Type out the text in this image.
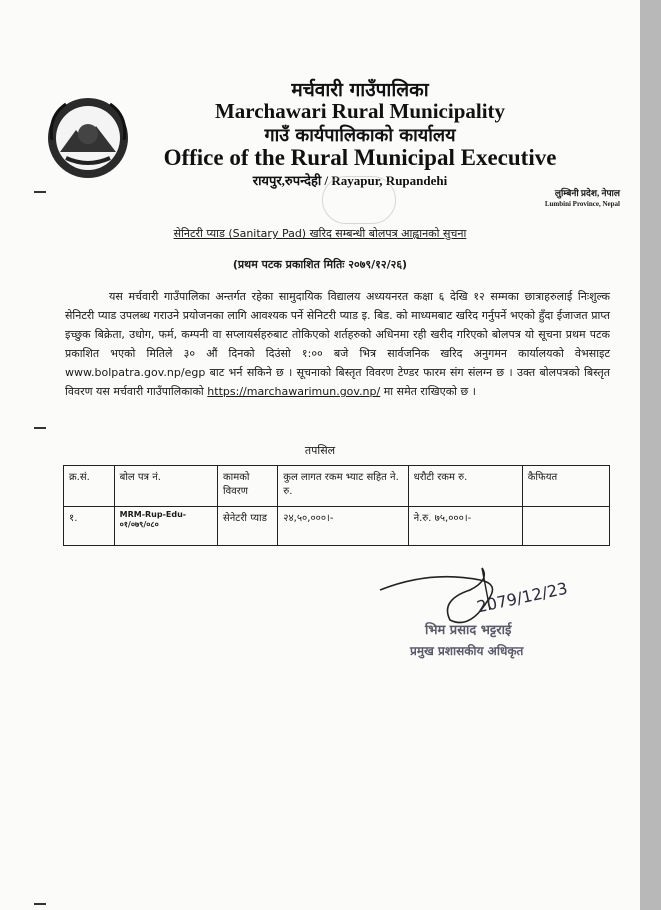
मर्चवारी गाउँपालिका
Marchawari Rural Municipality
गाउँ कार्यपालिकाको कार्यालय
Office of the Rural Municipal Executive
रायपुर,रुपन्देही / Rayapur, Rupandehi
लुम्बिनी प्रदेश, नेपाल
Lumbini Province, Nepal
सेनिटरी प्याड (Sanitary Pad) खरिद सम्बन्धी बोलपत्र आह्वानको सुचना
(प्रथम पटक प्रकाशित मितिः २०७९/१२/२६)
यस मर्चवारी गाउँपालिका अन्तर्गत रहेका सामुदायिक विद्यालय अध्ययनरत कक्षा ६ देखि १२ सम्मका छात्राहरुलाई निःशुल्क सेनिटरी प्याड उपलब्ध गराउने प्रयोजनका लागि आवश्यक पर्ने सेनिटरी प्याड इ. बिड. को माध्यमबाट खरिद गर्नुपर्ने भएको हुँदा ईजाजत प्राप्त इच्छुक बिक्रेता, उधोग, फर्म, कम्पनी वा सप्लायर्सहरुबाट तोकिएको शर्तहरुको अधिनमा रही खरीद गरिएको बोलपत्र यो सूचना प्रथम पटक प्रकाशित भएको मितिले ३० औं दिनको दिउंसो १:०० बजे भित्र सार्वजनिक खरिद अनुगमन कार्यालयको वेभसाइट www.bolpatra.gov.np/egp बाट भर्न सकिने छ । सूचनाको बिस्तृत विवरण टेण्डर फारम संग संलग्न छ । उक्त बोलपत्रको बिस्तृत विवरण यस मर्चवारी गाउँपालिकाको https://marchawarimun.gov.np/ मा समेत राखिएको छ ।
तपसिल
क्र.सं.	बोल पत्र नं.	कामको विवरण	कुल लागत रकम भ्याट सहित ने. रु.	धरौटी रकम रु.	कैफियत
१.	MRM-Rup-Edu-
०१/०७९/०८०	सेनेटरी प्याड	२४,५०,०००।-	ने.रु. ७५,०००।-	
2079/12/23
भिम प्रसाद भट्टराई
प्रमुख प्रशासकीय अधिकृत
